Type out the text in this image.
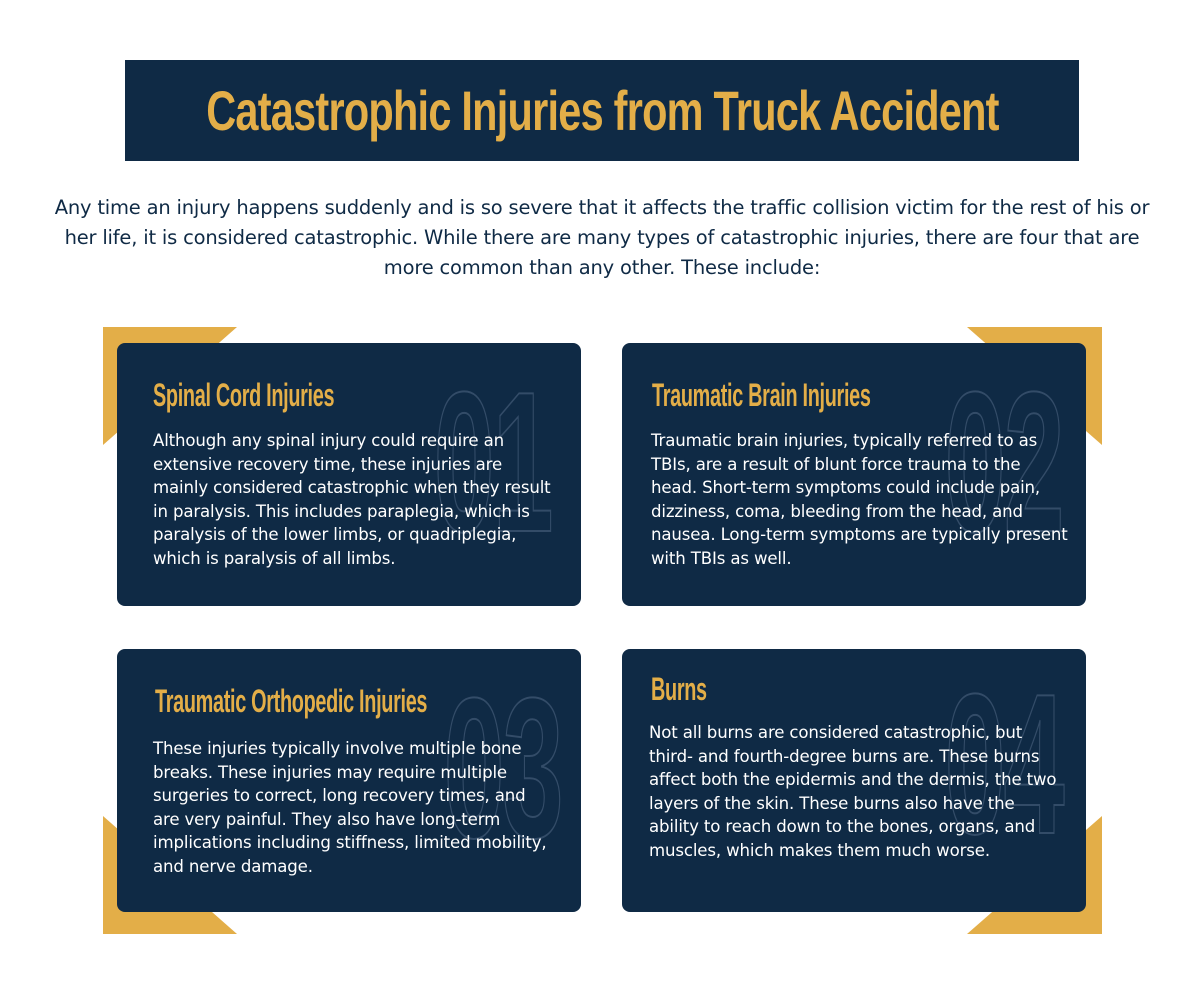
Catastrophic Injuries from Truck Accident

Any time an injury happens suddenly and is so severe that it affects the traffic collision victim for the rest of his or her life, it is considered catastrophic. While there are many types of catastrophic injuries, there are four that are more common than any other. These include:

01
Spinal Cord Injuries
Although any spinal injury could require an extensive recovery time, these injuries are mainly considered catastrophic when they result in paralysis. This includes paraplegia, which is paralysis of the lower limbs, or quadriplegia, which is paralysis of all limbs.	02
Traumatic Brain Injuries
Traumatic brain injuries, typically referred to as TBIs, are a result of blunt force trauma to the head. Short-term symptoms could include pain, dizziness, coma, bleeding from the head, and nausea. Long-term symptoms are typically present with TBIs as well.
03
Traumatic Orthopedic Injuries
These injuries typically involve multiple bone breaks. These injuries may require multiple surgeries to correct, long recovery times, and are very painful. They also have long-term implications including stiffness, limited mobility, and nerve damage.	04
Burns
Not all burns are considered catastrophic, but third- and fourth-degree burns are. These burns affect both the epidermis and the dermis, the two layers of the skin. These burns also have the ability to reach down to the bones, organs, and muscles, which makes them much worse.
